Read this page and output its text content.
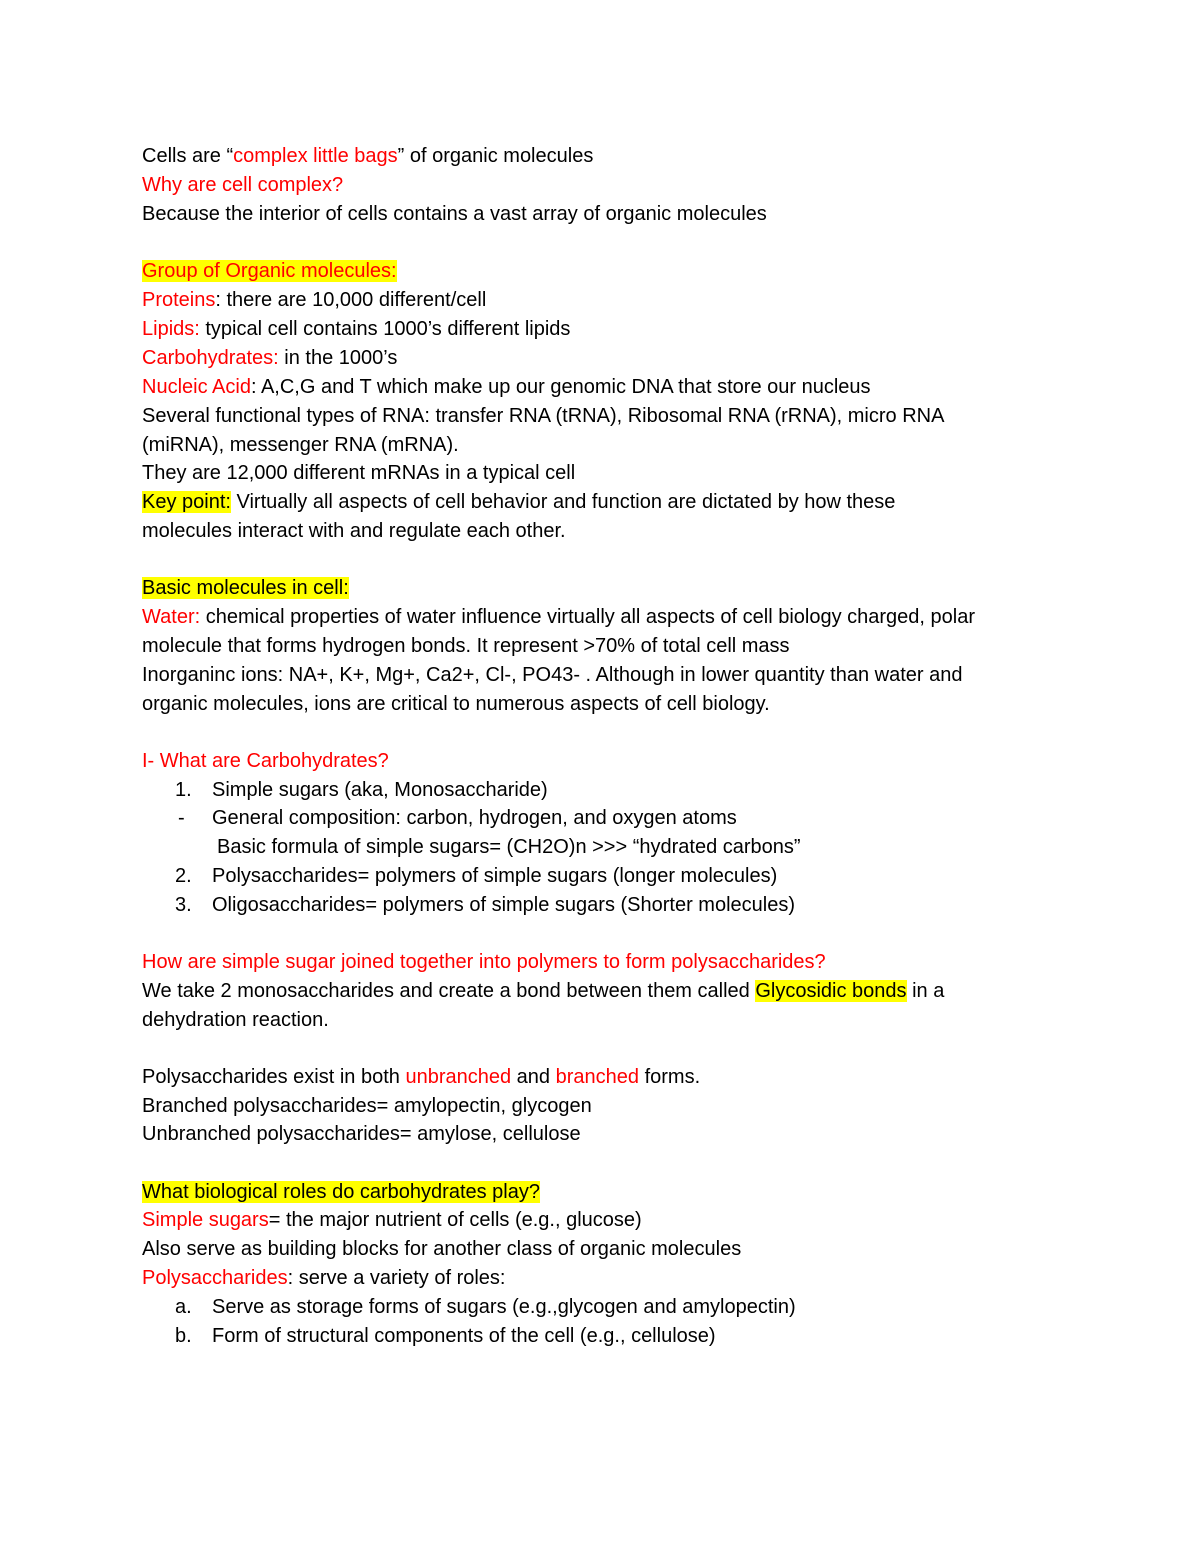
Cells are “complex little bags” of organic molecules
Why are cell complex?
Because the interior of cells contains a vast array of organic molecules
Group of Organic molecules:
Proteins: there are 10,000 different/cell
Lipids: typical cell contains 1000’s different lipids
Carbohydrates: in the 1000’s
Nucleic Acid: A,C,G and T which make up our genomic DNA that store our nucleus
Several functional types of RNA: transfer RNA (tRNA), Ribosomal RNA (rRNA), micro RNA
(miRNA), messenger RNA (mRNA).
They are 12,000 different mRNAs in a typical cell
Key point: Virtually all aspects of cell behavior and function are dictated by how these
molecules interact with and regulate each other.
Basic molecules in cell:
Water: chemical properties of water influence virtually all aspects of cell biology charged, polar
molecule that forms hydrogen bonds. It represent >70% of total cell mass
Inorganinc ions: NA+, K+, Mg+, Ca2+, Cl-, PO43- . Although in lower quantity than water and
organic molecules, ions are critical to numerous aspects of cell biology.
I- What are Carbohydrates?
1. Simple sugars (aka, Monosaccharide)
- General composition: carbon, hydrogen, and oxygen atoms
Basic formula of simple sugars= (CH2O)n >>> “hydrated carbons”
2. Polysaccharides= polymers of simple sugars (longer molecules)
3. Oligosaccharides= polymers of simple sugars (Shorter molecules)
How are simple sugar joined together into polymers to form polysaccharides?
We take 2 monosaccharides and create a bond between them called Glycosidic bonds in a
dehydration reaction.
Polysaccharides exist in both unbranched and branched forms.
Branched polysaccharides= amylopectin, glycogen
Unbranched polysaccharides= amylose, cellulose
What biological roles do carbohydrates play?
Simple sugars= the major nutrient of cells (e.g., glucose)
Also serve as building blocks for another class of organic molecules
Polysaccharides: serve a variety of roles:
a. Serve as storage forms of sugars (e.g.,glycogen and amylopectin)
b. Form of structural components of the cell (e.g., cellulose)
